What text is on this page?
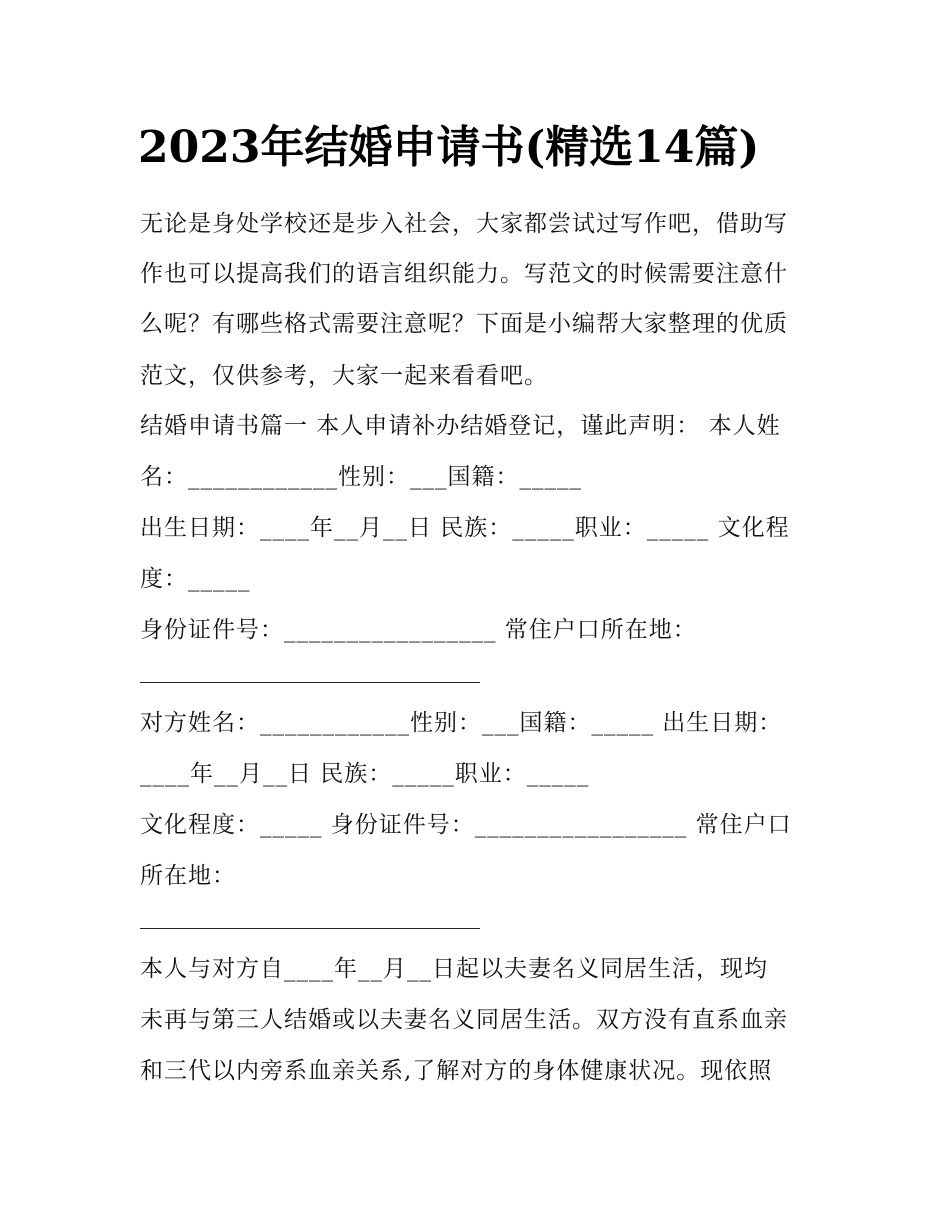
2023年结婚申请书(精选14篇)
无论是身处学校还是步入社会，大家都尝试过写作吧，借助写
作也可以提高我们的语言组织能力。写范文的时候需要注意什
么呢？有哪些格式需要注意呢？下面是小编帮大家整理的优质
范文，仅供参考，大家一起来看看吧。
结婚申请书篇一 本人申请补办结婚登记，谨此声明： 本人姓
名：____________性别：___国籍：_____
出生日期：____年__月__日 民族：_____职业：_____ 文化程
度：_____
身份证件号：_________________ 常住户口所在地：
对方姓名：____________性别：___国籍：_____ 出生日期：
____年__月__日 民族：_____职业：_____
文化程度：_____ 身份证件号：_________________ 常住户口
所在地：
本人与对方自____年__月__日起以夫妻名义同居生活，现均
未再与第三人结婚或以夫妻名义同居生活。双方没有直系血亲
和三代以内旁系血亲关系,了解对方的身体健康状况。现依照
